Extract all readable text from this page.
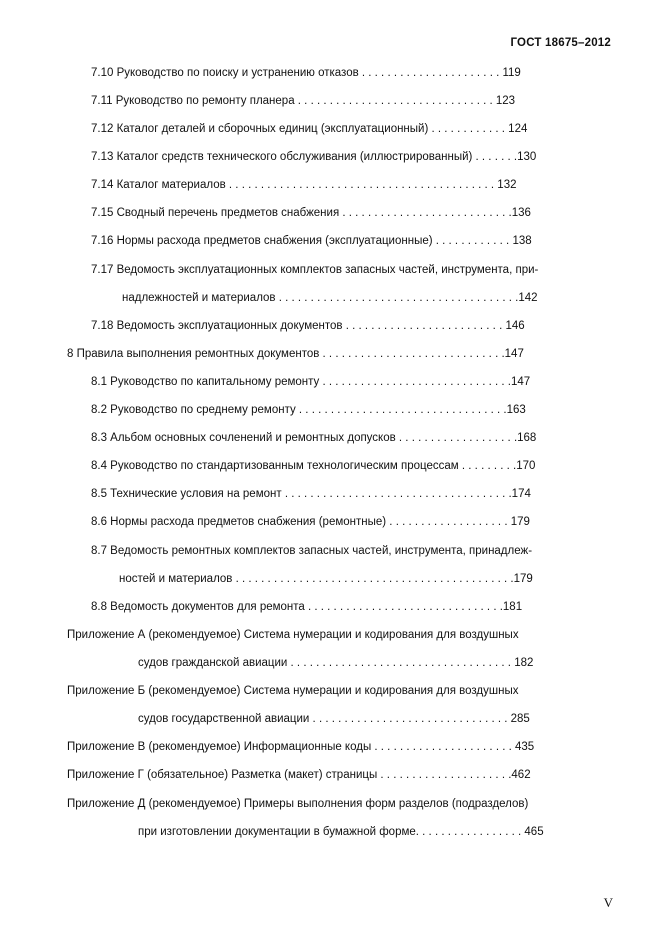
ГОСТ 18675–2012
7.10 Руководство по поиску и устранению отказов . . . . . . . . . . . . . . . . . . . . . . 119
7.11 Руководство по ремонту планера . . . . . . . . . . . . . . . . . . . . . . . . . . . . . . . 123
7.12 Каталог деталей и сборочных единиц (эксплуатационный) . . . . . . . . . . . . 124
7.13 Каталог средств технического обслуживания (иллюстрированный) . . . . . . .130
7.14 Каталог материалов . . . . . . . . . . . . . . . . . . . . . . . . . . . . . . . . . . . . . . . . . . 132
7.15 Сводный перечень предметов снабжения . . . . . . . . . . . . . . . . . . . . . . . . . . .136
7.16 Нормы расхода предметов снабжения (эксплуатационные) . . . . . . . . . . . . 138
7.17 Ведомость эксплуатационных комплектов запасных частей, инструмента, при-
надлежностей и материалов . . . . . . . . . . . . . . . . . . . . . . . . . . . . . . . . . . . . . .142
7.18 Ведомость эксплуатационных документов . . . . . . . . . . . . . . . . . . . . . . . . . 146
8 Правила выполнения ремонтных документов . . . . . . . . . . . . . . . . . . . . . . . . . . . . .147
8.1 Руководство по капитальному ремонту . . . . . . . . . . . . . . . . . . . . . . . . . . . . . .147
8.2 Руководство по среднему ремонту . . . . . . . . . . . . . . . . . . . . . . . . . . . . . . . . .163
8.3 Альбом основных сочленений и ремонтных допусков . . . . . . . . . . . . . . . . . . .168
8.4 Руководство по стандартизованным технологическим процессам . . . . . . . . .170
8.5 Технические условия на ремонт . . . . . . . . . . . . . . . . . . . . . . . . . . . . . . . . . . . .174
8.6 Нормы расхода предметов снабжения (ремонтные) . . . . . . . . . . . . . . . . . . . 179
8.7 Ведомость ремонтных комплектов запасных частей, инструмента, принадлеж-
ностей и материалов . . . . . . . . . . . . . . . . . . . . . . . . . . . . . . . . . . . . . . . . . . . .179
8.8 Ведомость документов для ремонта . . . . . . . . . . . . . . . . . . . . . . . . . . . . . . .181
Приложение А (рекомендуемое) Система нумерации и кодирования для воздушных
судов гражданской авиации . . . . . . . . . . . . . . . . . . . . . . . . . . . . . . . . . . . 182
Приложение Б (рекомендуемое) Система нумерации и кодирования для воздушных
судов государственной авиации . . . . . . . . . . . . . . . . . . . . . . . . . . . . . . . 285
Приложение В (рекомендуемое) Информационные коды . . . . . . . . . . . . . . . . . . . . . . 435
Приложение Г (обязательное) Разметка (макет) страницы . . . . . . . . . . . . . . . . . . . . .462
Приложение Д (рекомендуемое) Примеры выполнения форм разделов (подразделов)
при изготовлении документации в бумажной форме. . . . . . . . . . . . . . . . . 465
V
